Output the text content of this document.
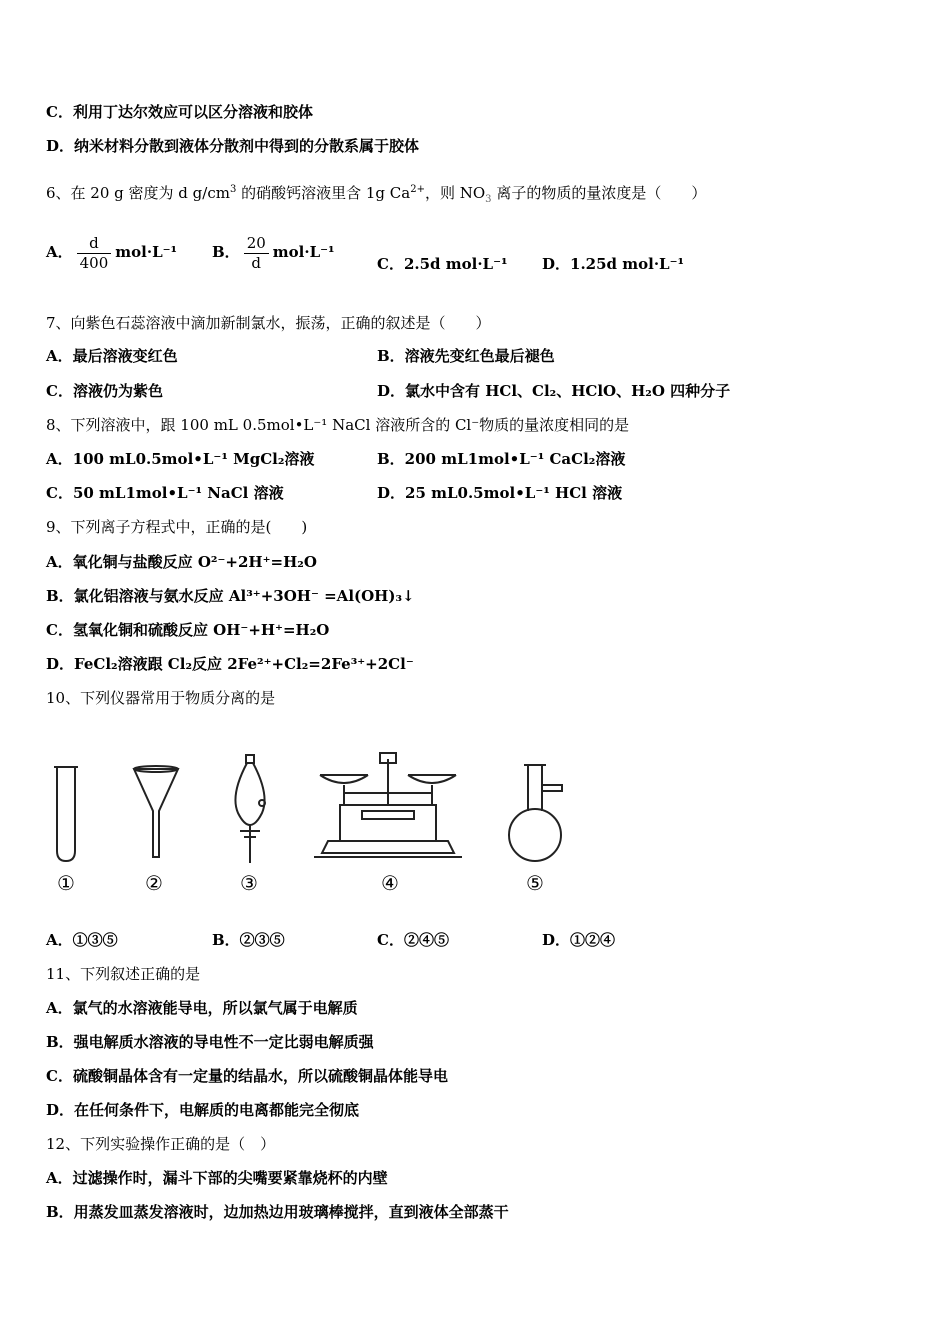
C．利用丁达尔效应可以区分溶液和胶体
D．纳米材料分散到液体分散剂中得到的分散系属于胶体
6、在 20 g 密度为 d $g/cm^3$ 的硝酸钙溶液里含 1g $Ca^{2+}$，则 $NO_3$ 离子的物质的量浓度是（　　）
A． $\frac{d}{400} mol\cdot L^{-1}$ B． $\frac{20}{d} mol\cdot L^{-1}$
C．2.5d mol·L⁻¹ D．1.25d mol·L⁻¹
7、向紫色石蕊溶液中滴加新制氯水，振荡，正确的叙述是（　　）
A．最后溶液变红色	B．溶液先变红色最后褪色
C．溶液仍为紫色	D．氯水中含有 HCl、Cl₂、HClO、H₂O 四种分子
8、下列溶液中，跟 100 mL 0.5mol•L⁻¹ NaCl 溶液所含的 Cl⁻物质的量浓度相同的是
A．100 mL0.5mol•L⁻¹ MgCl₂溶液	B．200 mL1mol•L⁻¹ CaCl₂溶液
C．50 mL1mol•L⁻¹ NaCl 溶液	D．25 mL0.5mol•L⁻¹ HCl 溶液
9、下列离子方程式中，正确的是(　　)
A．氧化铜与盐酸反应 O²⁻+2H⁺=H₂O
B．氯化铝溶液与氨水反应 Al³⁺+3OH⁻ =Al(OH)₃↓
C．氢氧化铜和硫酸反应 OH⁻+H⁺=H₂O
D．FeCl₂溶液跟 Cl₂反应 2Fe²⁺+Cl₂=2Fe³⁺+2Cl⁻
10、下列仪器常用于物质分离的是
①	②	③	④	⑤
A．①③⑤	B．②③⑤	C．②④⑤	D．①②④
11、下列叙述正确的是
A．氯气的水溶液能导电，所以氯气属于电解质
B．强电解质水溶液的导电性不一定比弱电解质强
C．硫酸铜晶体含有一定量的结晶水，所以硫酸铜晶体能导电
D．在任何条件下，电解质的电离都能完全彻底
12、下列实验操作正确的是（　）
A．过滤操作时，漏斗下部的尖嘴要紧靠烧杯的内壁
B．用蒸发皿蒸发溶液时，边加热边用玻璃棒搅拌，直到液体全部蒸干
